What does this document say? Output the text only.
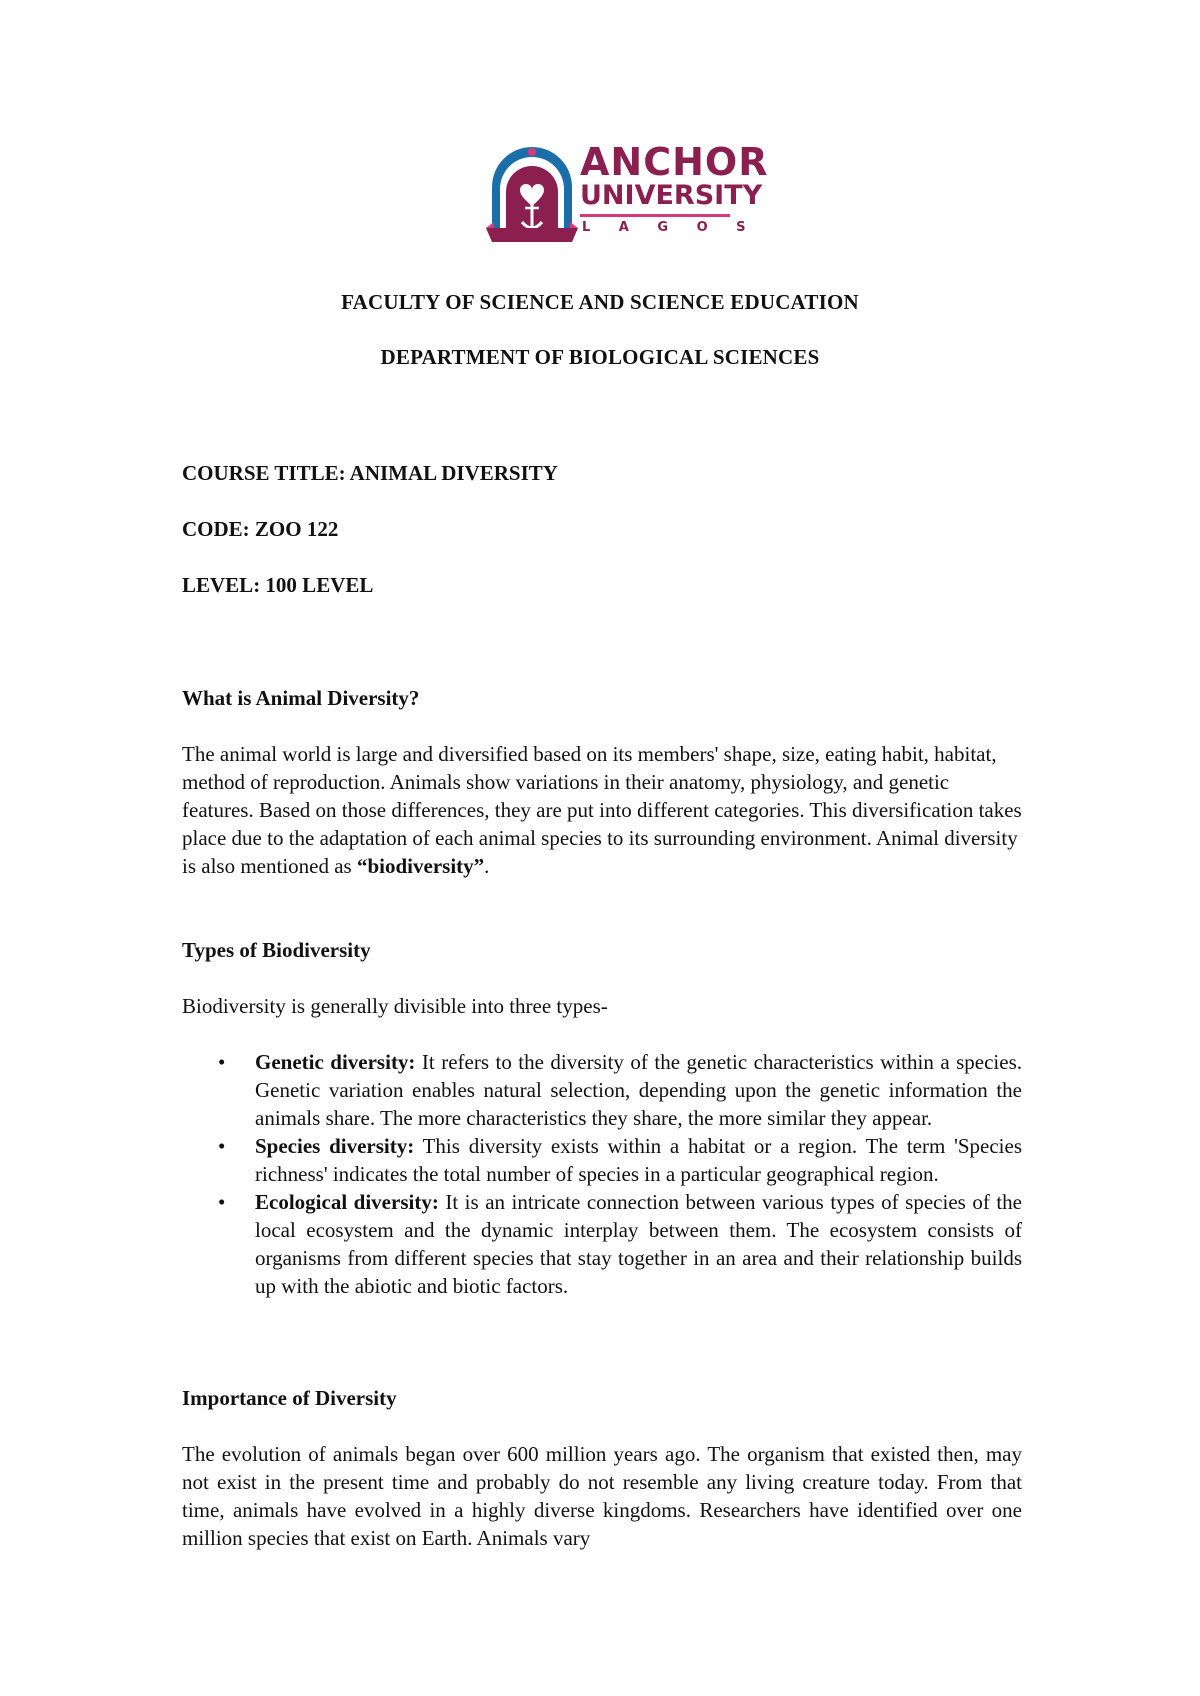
ANCHOR
UNIVERSITY
L A G O S
FACULTY OF SCIENCE AND SCIENCE EDUCATION
DEPARTMENT OF BIOLOGICAL SCIENCES
COURSE TITLE: ANIMAL DIVERSITY
CODE: ZOO 122
LEVEL: 100 LEVEL
What is Animal Diversity?

The animal world is large and diversified based on its members' shape, size, eating habit, habitat, method of reproduction. Animals show variations in their anatomy, physiology, and genetic features. Based on those differences, they are put into different categories. This diversification takes place due to the adaptation of each animal species to its surrounding environment. Animal diversity is also mentioned as “biodiversity”.

Types of Biodiversity
Biodiversity is generally divisible into three types-
• Genetic diversity: It refers to the diversity of the genetic characteristics within a species. Genetic variation enables natural selection, depending upon the genetic information the animals share. The more characteristics they share, the more similar they appear.
• Species diversity: This diversity exists within a habitat or a region. The term 'Species richness' indicates the total number of species in a particular geographical region.
• Ecological diversity: It is an intricate connection between various types of species of the local ecosystem and the dynamic interplay between them. The ecosystem consists of organisms from different species that stay together in an area and their relationship builds up with the abiotic and biotic factors.
Importance of Diversity

The evolution of animals began over 600 million years ago. The organism that existed then, may not exist in the present time and probably do not resemble any living creature today. From that time, animals have evolved in a highly diverse kingdoms. Researchers have identified over one million species that exist on Earth. Animals vary
